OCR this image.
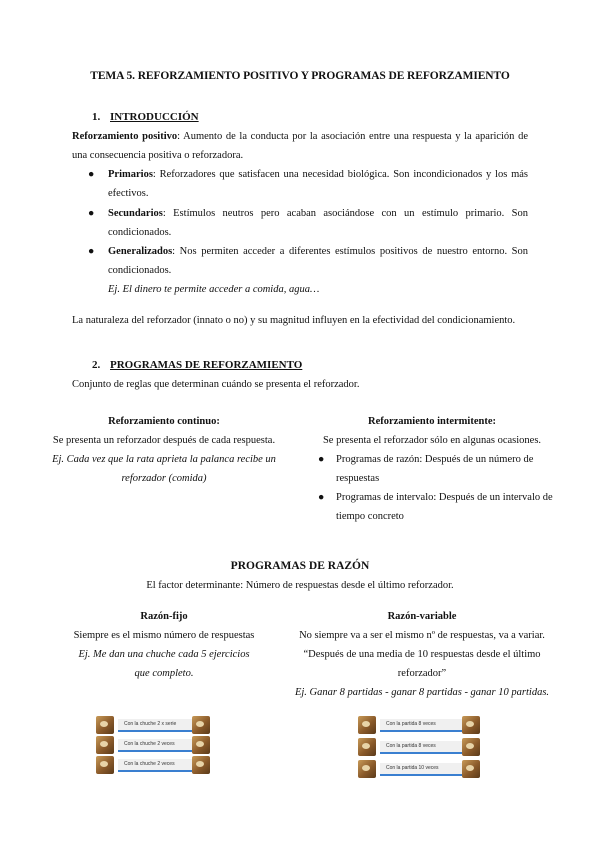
TEMA 5. REFORZAMIENTO POSITIVO Y PROGRAMAS DE REFORZAMIENTO
1. INTRODUCCIÓN
Reforzamiento positivo: Aumento de la conducta por la asociación entre una respuesta y la aparición de una consecuencia positiva o reforzadora.
● Primarios: Reforzadores que satisfacen una necesidad biológica. Son incondicionados y los más efectivos.
● Secundarios: Estímulos neutros pero acaban asociándose con un estímulo primario. Son condicionados.
● Generalizados: Nos permiten acceder a diferentes estímulos positivos de nuestro entorno. Son condicionados.
Ej. El dinero te permite acceder a comida, agua…
La naturaleza del reforzador (innato o no) y su magnitud influyen en la efectividad del condicionamiento.
2. PROGRAMAS DE REFORZAMIENTO
Conjunto de reglas que determinan cuándo se presenta el reforzador.
Reforzamiento continuo:
Se presenta un reforzador después de cada respuesta.
Ej. Cada vez que la rata aprieta la palanca recibe un reforzador (comida)
Reforzamiento intermitente:
Se presenta el reforzador sólo en algunas ocasiones.
● Programas de razón: Después de un número de respuestas
● Programas de intervalo: Después de un intervalo de tiempo concreto
PROGRAMAS DE RAZÓN
El factor determinante: Número de respuestas desde el último reforzador.
Razón-fijo
Siempre es el mismo número de respuestas
Ej. Me dan una chuche cada 5 ejercicios que completo.
Razón-variable
No siempre va a ser el mismo nº de respuestas, va a variar.
“Después de una media de 10 respuestas desde el último reforzador”
Ej. Ganar 8 partidas - ganar 8 partidas - ganar 10 partidas.
Con la chuche 2 x serie
Con la chuche 2 veces
Con la chuche 2 veces
Con la partida 8 veces
Con la partida 8 veces
Con la partida 10 veces
